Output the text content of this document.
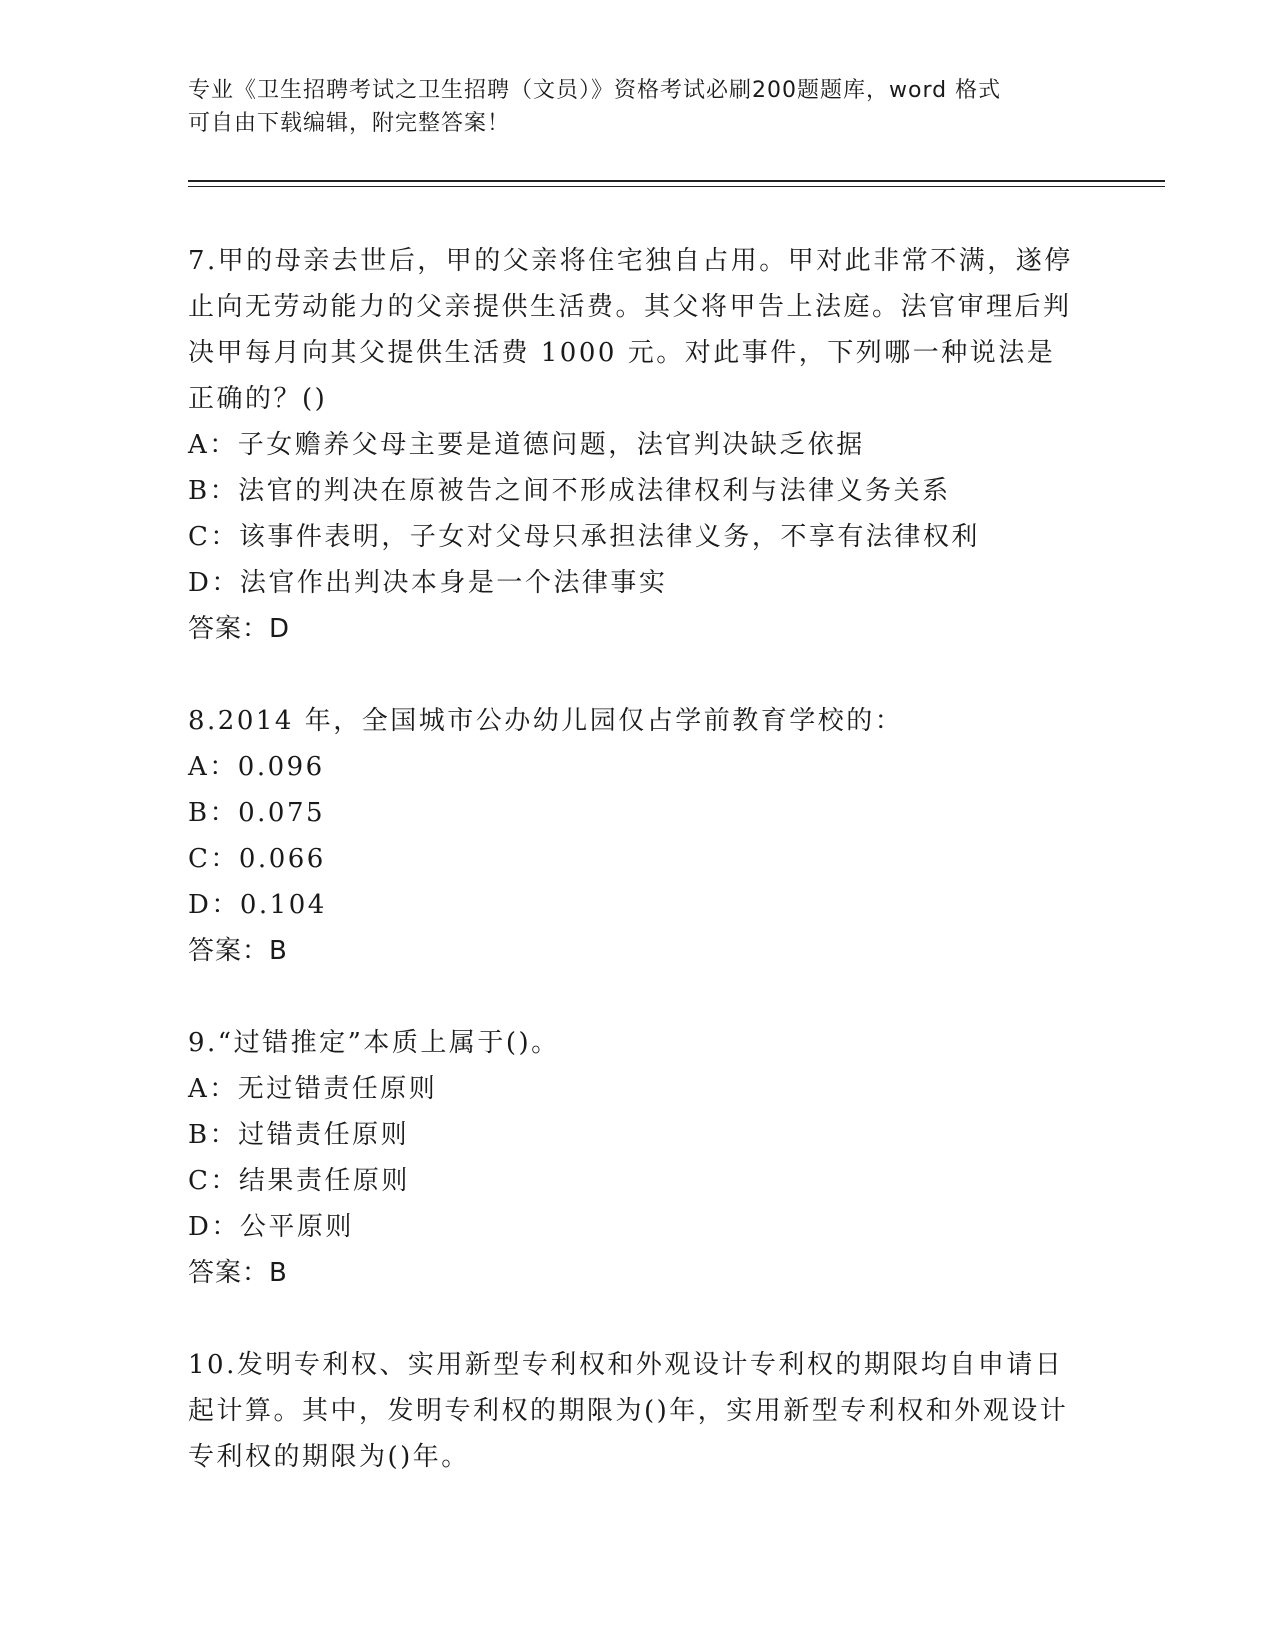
专业《卫生招聘考试之卫生招聘（文员）》资格考试必刷200题题库，word 格式
可自由下载编辑，附完整答案！

7.甲的母亲去世后，甲的父亲将住宅独自占用。甲对此非常不满，遂停止向无劳动能力的父亲提供生活费。其父将甲告上法庭。法官审理后判决甲每月向其父提供生活费 1000 元。对此事件，下列哪一种说法是正确的？()

A：子女赡养父母主要是道德问题，法官判决缺乏依据

B：法官的判决在原被告之间不形成法律权利与法律义务关系

C：该事件表明，子女对父母只承担法律义务，不享有法律权利

D：法官作出判决本身是一个法律事实

答案：D

8.2014 年，全国城市公办幼儿园仅占学前教育学校的：

A：0.096

B：0.075

C：0.066

D：0.104

答案：B

9.“过错推定”本质上属于()。

A：无过错责任原则

B：过错责任原则

C：结果责任原则

D：公平原则

答案：B

10.发明专利权、实用新型专利权和外观设计专利权的期限均自申请日起计算。其中，发明专利权的期限为()年，实用新型专利权和外观设计专利权的期限为()年。
